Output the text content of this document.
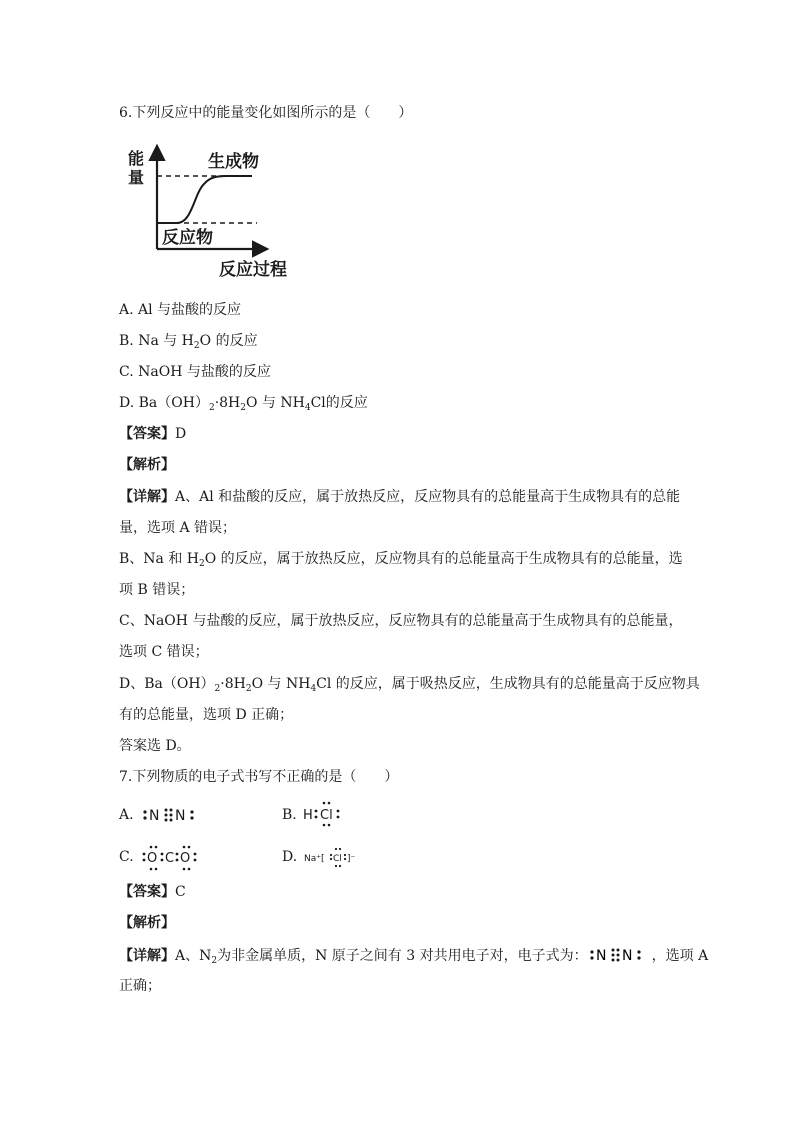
6.下列反应中的能量变化如图所示的是（　　）
能
量
生成物
反应物
反应过程
A. Al 与盐酸的反应
B. Na 与 $H_2O$ 的反应
C. NaOH 与盐酸的反应
D. $Ba(OH)_2\cdot 8H_2O$ 与 $NH_4Cl$的反应
【答案】D
【解析】
【详解】A、Al 和盐酸的反应，属于放热反应，反应物具有的总能量高于生成物具有的总能
量，选项 A 错误；
B、Na 和 $H_2O$ 的反应，属于放热反应，反应物具有的总能量高于生成物具有的总能量，选
项 B 错误；
C、NaOH 与盐酸的反应，属于放热反应，反应物具有的总能量高于生成物具有的总能量，
选项 C 错误；
D、$Ba(OH)_2\cdot 8H_2O$ 与 $NH_4Cl$ 的反应，属于吸热反应，生成物具有的总能量高于反应物具
有的总能量，选项 D 正确；
答案选 D。
7.下列物质的电子式书写不正确的是（　　）
A. N N	B. H Cl
C. O C O	D. Na⁺[ Cl ]⁻
【答案】C
【解析】
【详解】A、$N_2$为非金属单质，N 原子之间有 3 对共用电子对，电子式为： N N ，选项 A
正确；
